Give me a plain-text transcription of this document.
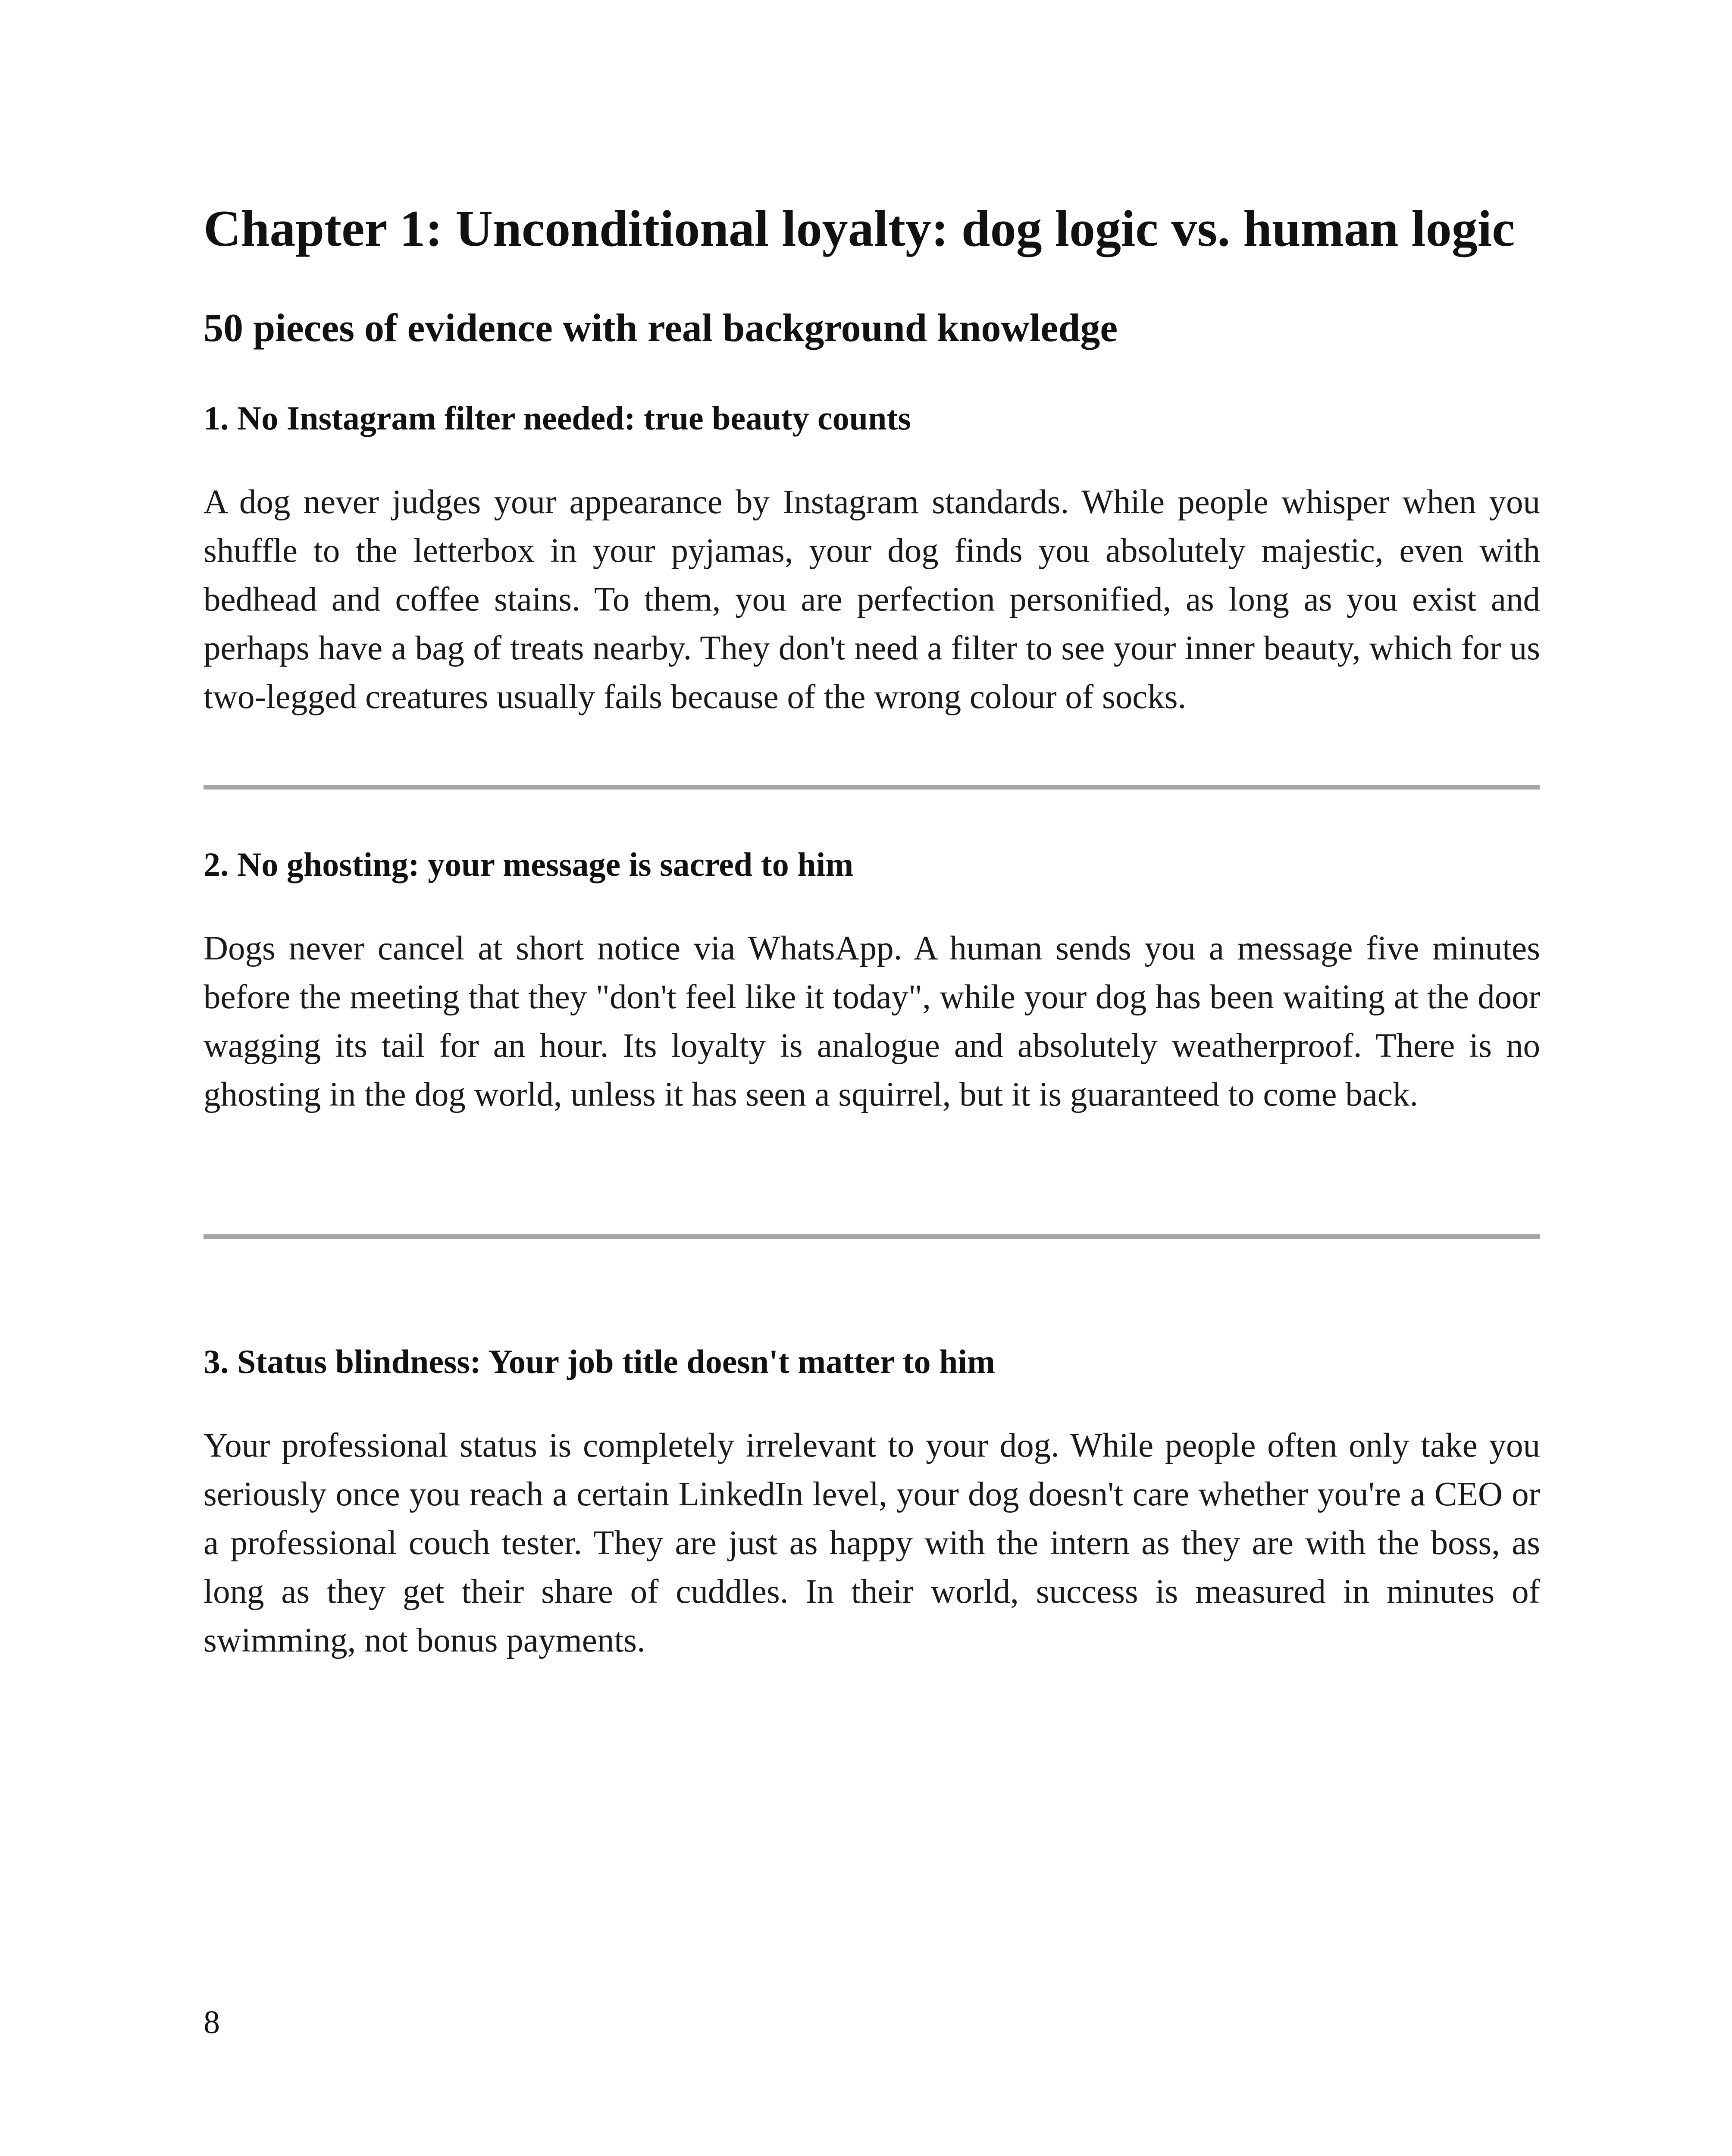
Chapter 1: Unconditional loyalty: dog logic vs. human logic
50 pieces of evidence with real background knowledge
1. No Instagram filter needed: true beauty counts

A dog never judges your appearance by Instagram standards. While people whisper when you shuffle to the letterbox in your pyjamas, your dog finds you absolutely majestic, even with bedhead and coffee stains. To them, you are perfection personified, as long as you exist and perhaps have a bag of treats nearby. They don't need a filter to see your inner beauty, which for us two-legged creatures usually fails because of the wrong colour of socks.

2. No ghosting: your message is sacred to him

Dogs never cancel at short notice via WhatsApp. A human sends you a message five minutes before the meeting that they "don't feel like it today", while your dog has been waiting at the door wagging its tail for an hour. Its loyalty is analogue and absolutely weatherproof. There is no ghosting in the dog world, unless it has seen a squirrel, but it is guaranteed to come back.

3. Status blindness: Your job title doesn't matter to him

Your professional status is completely irrelevant to your dog. While people often only take you seriously once you reach a certain LinkedIn level, your dog doesn't care whether you're a CEO or a professional couch tester. They are just as happy with the intern as they are with the boss, as long as they get their share of cuddles. In their world, success is measured in minutes of swimming, not bonus payments.

8
